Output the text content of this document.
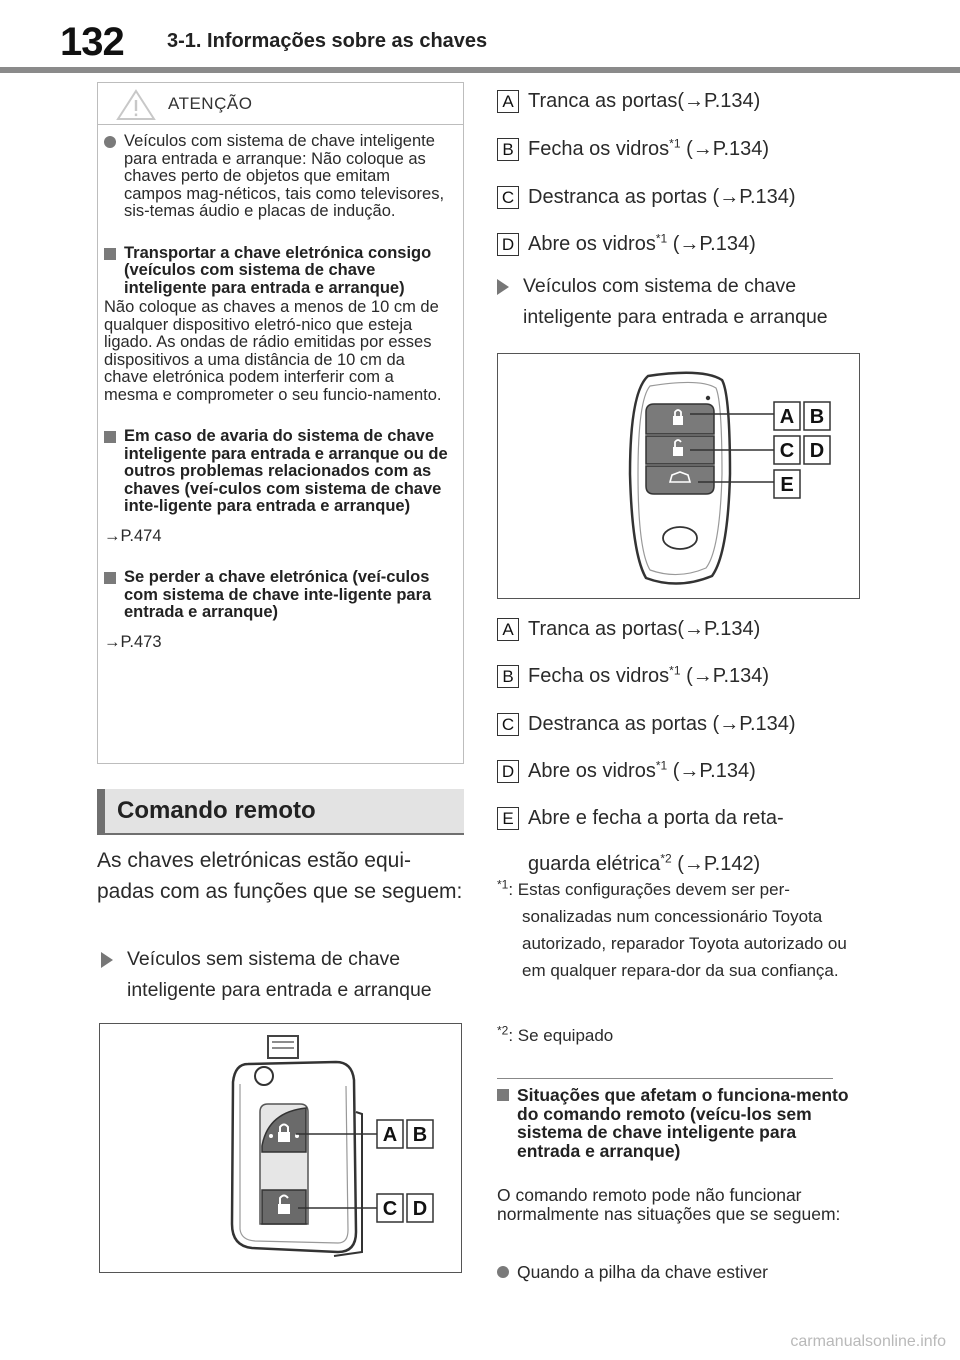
132 3-1. Informações sobre as chaves
ATENÇÃO
Veículos com sistema de chave inteligente para entrada e arranque: Não coloque as chaves perto de objetos que emitam campos mag-néticos, tais como televisores, sis-temas áudio e placas de indução.
Transportar a chave eletrónica consigo (veículos com sistema de chave inteligente para entrada e arranque)
Não coloque as chaves a menos de 10 cm de qualquer dispositivo eletró-nico que esteja ligado. As ondas de rádio emitidas por esses dispositivos a uma distância de 10 cm da chave eletrónica podem interferir com a mesma e comprometer o seu funcio-namento.
Em caso de avaria do sistema de chave inteligente para entrada e arranque ou de outros problemas relacionados com as chaves (veí-culos com sistema de chave inte-ligente para entrada e arranque)
→P.474
Se perder a chave eletrónica (veí-culos com sistema de chave inte-ligente para entrada e arranque)
→P.473
Comando remoto
As chaves eletrónicas estão equi-padas com as funções que se seguem:
Veículos sem sistema de chave inteligente para entrada e arranque
A B
C D
A Tranca as portas(→P.134)
B Fecha os vidros$^{*1}$ (→P.134)
C Destranca as portas (→P.134)
D Abre os vidros$^{*1}$ (→P.134)
Veículos com sistema de chave inteligente para entrada e arranque
A B
C D
E
A Tranca as portas(→P.134)
B Fecha os vidros$^{*1}$ (→P.134)
C Destranca as portas (→P.134)
D Abre os vidros$^{*1}$ (→P.134)
E Abre e fecha a porta da reta-
guarda elétrica$^{*2}$ (→P.142)
$^{*1}$: Estas configurações devem ser per-
sonalizadas num concessionário Toyota autorizado, reparador Toyota autorizado ou em qualquer repara-dor da sua confiança.
$^{*2}$: Se equipado
Situações que afetam o funciona-mento do comando remoto (veícu-los sem sistema de chave inteligente para entrada e arranque)
O comando remoto pode não funcionar normalmente nas situações que se seguem:
Quando a pilha da chave estiver
carmanualsonline.info
